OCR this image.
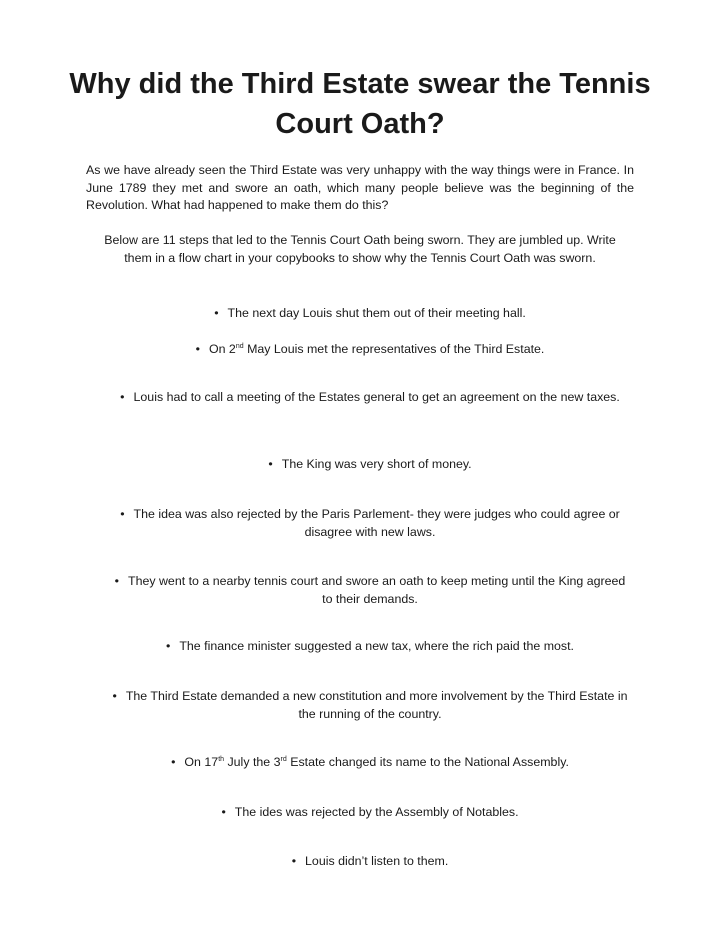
Why did the Third Estate swear the Tennis Court Oath?

As we have already seen the Third Estate was very unhappy with the way things were in France. In June 1789 they met and swore an oath, which many people believe was the beginning of the Revolution. What had happened to make them do this?

Below are 11 steps that led to the Tennis Court Oath being sworn. They are jumbled up. Write them in a flow chart in your copybooks to show why the Tennis Court Oath was sworn.

• The next day Louis shut them out of their meeting hall.

• On 2nd May Louis met the representatives of the Third Estate.

• Louis had to call a meeting of the Estates general to get an agreement on the new taxes.

• The King was very short of money.

• The idea was also rejected by the Paris Parlement- they were judges who could agree or disagree with new laws.

• They went to a nearby tennis court and swore an oath to keep meting until the King agreed to their demands.

• The finance minister suggested a new tax, where the rich paid the most.

• The Third Estate demanded a new constitution and more involvement by the Third Estate in the running of the country.

• On 17th July the 3rd Estate changed its name to the National Assembly.

• The ides was rejected by the Assembly of Notables.

• Louis didn’t listen to them.
